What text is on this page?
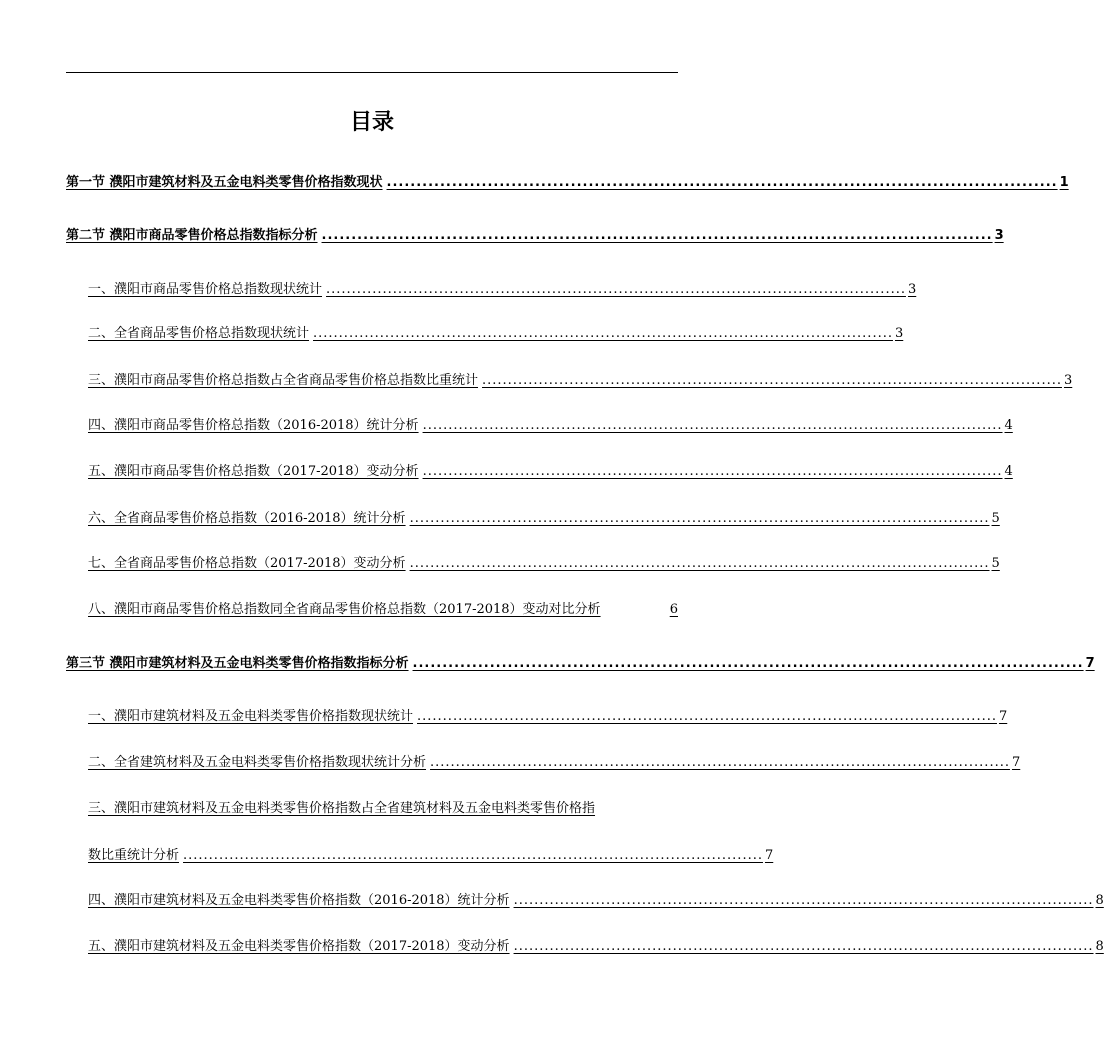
目录
第一节 濮阳市建筑材料及五金电料类零售价格指数现状 ................................................................................................................. 1
第二节 濮阳市商品零售价格总指数指标分析 ................................................................................................................. 3
一、濮阳市商品零售价格总指数现状统计 ................................................................................................................. 3
二、全省商品零售价格总指数现状统计 ................................................................................................................. 3
三、濮阳市商品零售价格总指数占全省商品零售价格总指数比重统计 ................................................................................................................. 3
四、濮阳市商品零售价格总指数（2016-2018）统计分析 ................................................................................................................. 4
五、濮阳市商品零售价格总指数（2017-2018）变动分析 ................................................................................................................. 4
六、全省商品零售价格总指数（2016-2018）统计分析 ................................................................................................................. 5
七、全省商品零售价格总指数（2017-2018）变动分析 ................................................................................................................. 5
八、濮阳市商品零售价格总指数同全省商品零售价格总指数（2017-2018）变动对比分析	6
第三节 濮阳市建筑材料及五金电料类零售价格指数指标分析 ................................................................................................................. 7
一、濮阳市建筑材料及五金电料类零售价格指数现状统计 ................................................................................................................. 7
二、全省建筑材料及五金电料类零售价格指数现状统计分析 ................................................................................................................. 7
三、濮阳市建筑材料及五金电料类零售价格指数占全省建筑材料及五金电料类零售价格指
数比重统计分析 ................................................................................................................. 7
四、濮阳市建筑材料及五金电料类零售价格指数（2016-2018）统计分析 ................................................................................................................. 8
五、濮阳市建筑材料及五金电料类零售价格指数（2017-2018）变动分析 ................................................................................................................. 8
